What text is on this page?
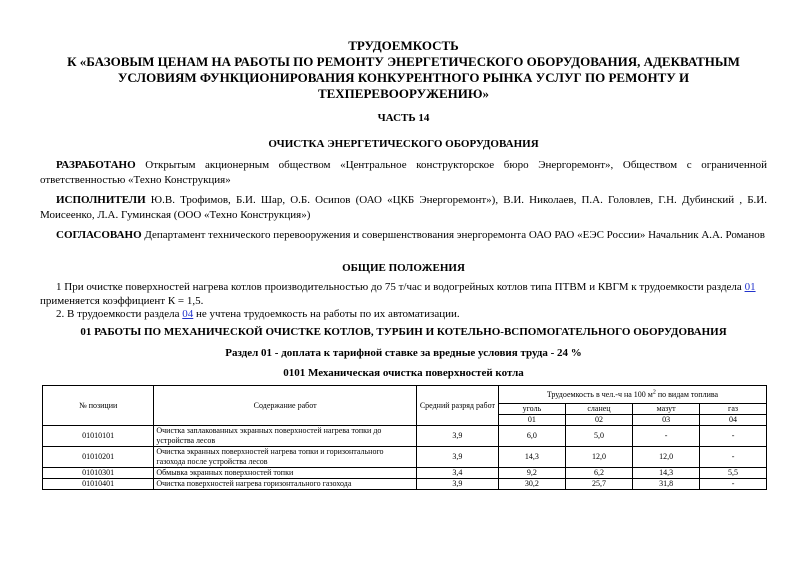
ТРУДОЕМКОСТЬ
К «БАЗОВЫМ ЦЕНАМ НА РАБОТЫ ПО РЕМОНТУ ЭНЕРГЕТИЧЕСКОГО ОБОРУДОВАНИЯ, АДЕКВАТНЫМ
УСЛОВИЯМ ФУНКЦИОНИРОВАНИЯ КОНКУРЕНТНОГО РЫНКА УСЛУГ ПО РЕМОНТУ И
ТЕХПЕРЕВООРУЖЕНИЮ»
ЧАСТЬ 14
ОЧИСТКА ЭНЕРГЕТИЧЕСКОГО ОБОРУДОВАНИЯ
РАЗРАБОТАНО Открытым акционерным обществом «Центральное конструкторское бюро Энергоремонт», Обществом с ограниченной ответственностью «Техно Конструкция»
ИСПОЛНИТЕЛИ Ю.В. Трофимов, Б.И. Шар, О.Б. Осипов (ОАО «ЦКБ Энергоремонт»), В.И. Николаев, П.А. Головлев, Г.Н. Дубинский , Б.И. Моисеенко, Л.А. Гуминская (ООО «Техно Конструкция»)
СОГЛАСОВАНО Департамент технического перевооружения и совершенствования энергоремонта ОАО РАО «ЕЭС России» Начальник А.А. Романов
ОБЩИЕ ПОЛОЖЕНИЯ
1 При очистке поверхностей нагрева котлов производительностью до 75 т/час и водогрейных котлов типа ПТВМ и КВГМ к трудоемкости раздела 01 применяется коэффициент К = 1,5.
2. В трудоемкости раздела 04 не учтена трудоемкость на работы по их автоматизации.
01 РАБОТЫ ПО МЕХАНИЧЕСКОЙ ОЧИСТКЕ КОТЛОВ, ТУРБИН И КОТЕЛЬНО-ВСПОМОГАТЕЛЬНОГО ОБОРУДОВАНИЯ
Раздел 01 - доплата к тарифной ставке за вредные условия труда - 24 %
0101 Механическая очистка поверхностей котла
№ позиции	Содержание работ	Средний разряд работ	Трудоемкость в чел.-ч на 100 $м^2$ по видам топлива			
			уголь	сланец	мазут	газ
			01	02	03	04
01010101	Очистка заплакованных экранных поверхностей нагрева топки до устройства лесов	3,9	6,0	5,0	-	-
01010201	Очистка экранных поверхностей нагрева топки и горизонтального газохода после устройства лесов	3,9	14,3	12,0	12,0	-
01010301	Обмывка экранных поверхностей топки	3,4	9,2	6,2	14,3	5,5
01010401	Очистка поверхностей нагрева горизонтального газохода	3,9	30,2	25,7	31,8	-
